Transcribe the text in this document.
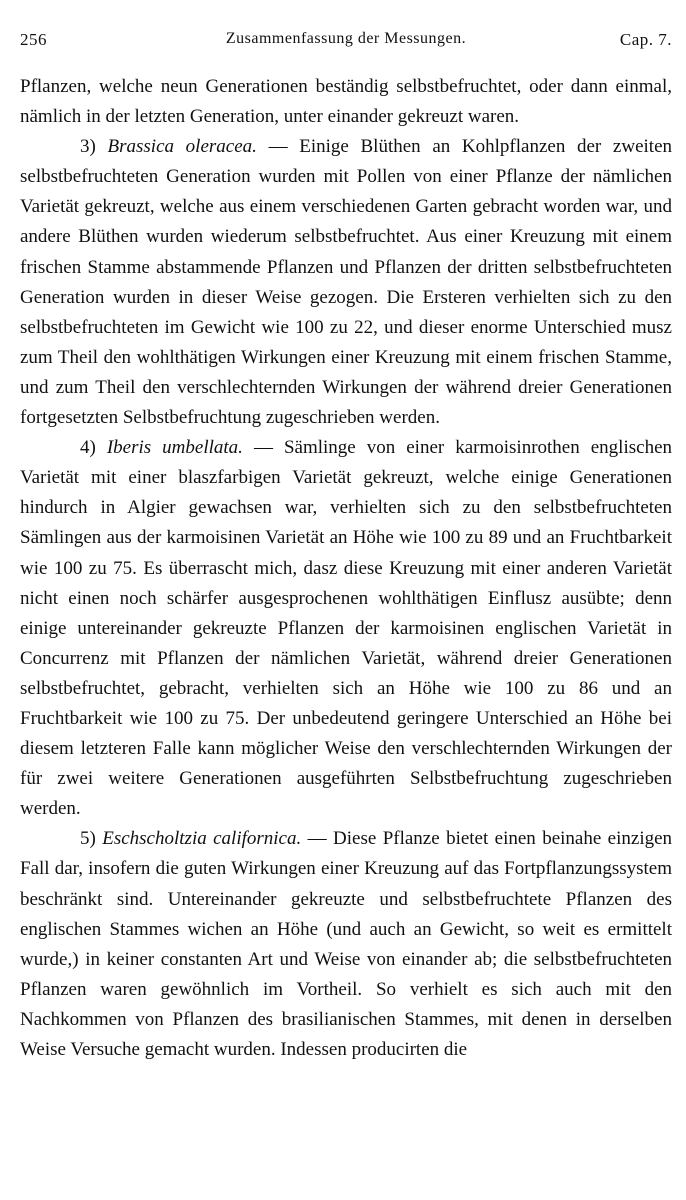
256	Zusammenfassung der Messungen.	Cap. 7.

Pflanzen, welche neun Generationen beständig selbstbefruchtet, oder dann einmal, nämlich in der letzten Generation, unter einander gekreuzt waren.

3) Brassica oleracea. — Einige Blüthen an Kohlpflanzen der zweiten selbstbefruchteten Generation wurden mit Pollen von einer Pflanze der nämlichen Varietät gekreuzt, welche aus einem verschiedenen Garten gebracht worden war, und andere Blüthen wurden wiederum selbstbefruchtet. Aus einer Kreuzung mit einem frischen Stamme abstammende Pflanzen und Pflanzen der dritten selbstbefruchteten Generation wurden in dieser Weise gezogen. Die Ersteren verhielten sich zu den selbstbefruchteten im Gewicht wie 100 zu 22, und dieser enorme Unterschied musz zum Theil den wohlthätigen Wirkungen einer Kreuzung mit einem frischen Stamme, und zum Theil den verschlechternden Wirkungen der während dreier Generationen fortgesetzten Selbstbefruchtung zugeschrieben werden.

4) Iberis umbellata. — Sämlinge von einer karmoisinrothen englischen Varietät mit einer blaszfarbigen Varietät gekreuzt, welche einige Generationen hindurch in Algier gewachsen war, verhielten sich zu den selbstbefruchteten Sämlingen aus der karmoisinen Varietät an Höhe wie 100 zu 89 und an Fruchtbarkeit wie 100 zu 75. Es überrascht mich, dasz diese Kreuzung mit einer anderen Varietät nicht einen noch schärfer ausgesprochenen wohlthätigen Einflusz ausübte; denn einige untereinander gekreuzte Pflanzen der karmoisinen englischen Varietät in Concurrenz mit Pflanzen der nämlichen Varietät, während dreier Generationen selbstbefruchtet, gebracht, verhielten sich an Höhe wie 100 zu 86 und an Fruchtbarkeit wie 100 zu 75. Der unbedeutend geringere Unterschied an Höhe bei diesem letzteren Falle kann möglicher Weise den verschlechternden Wirkungen der für zwei weitere Generationen ausgeführten Selbstbefruchtung zugeschrieben werden.

5) Eschscholtzia californica. — Diese Pflanze bietet einen beinahe einzigen Fall dar, insofern die guten Wirkungen einer Kreuzung auf das Fortpflanzungssystem beschränkt sind. Untereinander gekreuzte und selbstbefruchtete Pflanzen des englischen Stammes wichen an Höhe (und auch an Gewicht, so weit es ermittelt wurde,) in keiner constanten Art und Weise von einander ab; die selbstbefruchteten Pflanzen waren gewöhnlich im Vortheil. So verhielt es sich auch mit den Nachkommen von Pflanzen des brasilianischen Stammes, mit denen in derselben Weise Versuche gemacht wurden. Indessen producirten die
